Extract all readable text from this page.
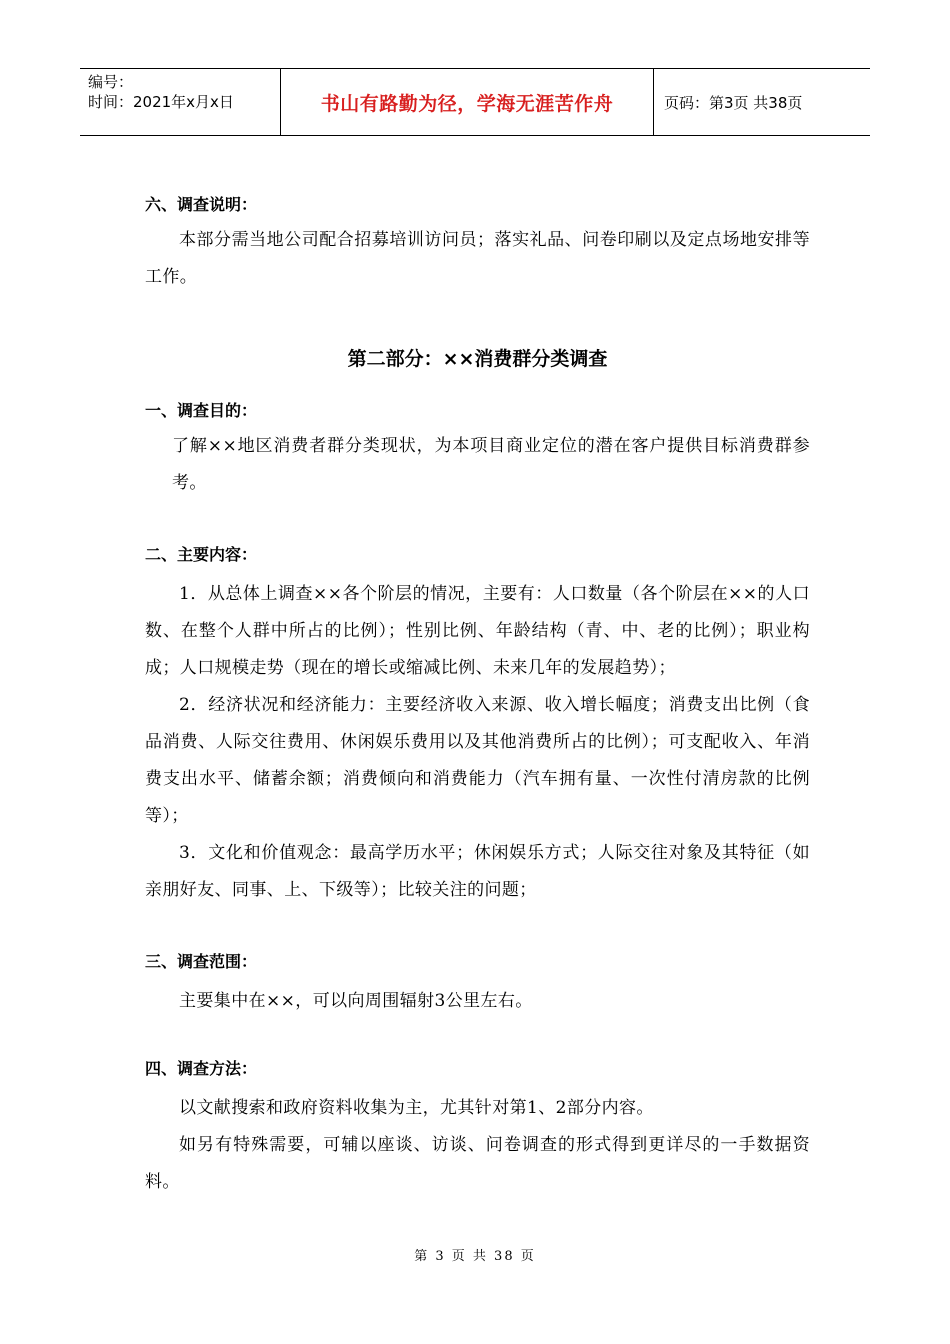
编号：
时间：2021年x月x日	书山有路勤为径，学海无涯苦作舟	页码：第3页 共38页

六、调查说明：

本部分需当地公司配合招募培训访问员；落实礼品、问卷印刷以及定点场地安排等工作。

第二部分：××消费群分类调查

一、调查目的：

了解××地区消费者群分类现状，为本项目商业定位的潜在客户提供目标消费群参考。

二、主要内容：

1．从总体上调查××各个阶层的情况，主要有：人口数量（各个阶层在××的人口数、在整个人群中所占的比例）；性别比例、年龄结构（青、中、老的比例）；职业构成；人口规模走势（现在的增长或缩减比例、未来几年的发展趋势）；

2．经济状况和经济能力：主要经济收入来源、收入增长幅度；消费支出比例（食品消费、人际交往费用、休闲娱乐费用以及其他消费所占的比例）；可支配收入、年消费支出水平、储蓄余额；消费倾向和消费能力（汽车拥有量、一次性付清房款的比例等）；

3．文化和价值观念：最高学历水平；休闲娱乐方式；人际交往对象及其特征（如亲朋好友、同事、上、下级等）；比较关注的问题；

三、调查范围：

主要集中在××，可以向周围辐射3公里左右。

四、调查方法：

以文献搜索和政府资料收集为主，尤其针对第1、2部分内容。

如另有特殊需要，可辅以座谈、访谈、问卷调查的形式得到更详尽的一手数据资料。

第 3 页 共 38 页
